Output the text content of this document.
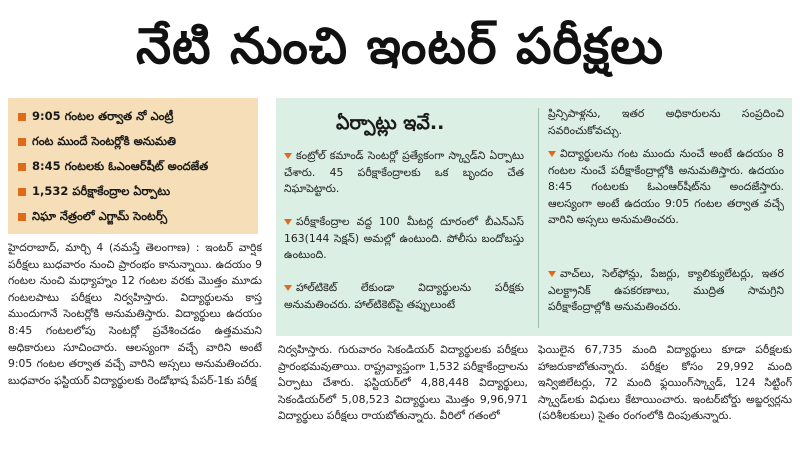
నేటి నుంచి ఇంటర్ పరీక్షలు
9:05 గంటల తర్వాత నో ఎంట్రీ
గంట ముందే సెంటర్లోకి అనుమతి
8:45 గంటలకు ఓఎంఆర్‌షీట్ అందజేత
1,532 పరీక్షాకేంద్రాల ఏర్పాటు
నిఘా నేత్రంలో ఎగ్జామ్ సెంటర్స్

హైదరాబాద్, మార్చి 4 (నమస్తే తెలంగాణ) : ఇంటర్ వార్షిక పరీక్షలు బుధవారం నుంచి ప్రారంభం కానున్నాయి. ఉదయం 9 గంటల నుంచి మధ్యాహ్నం 12 గంటల వరకు మొత్తం మూడు గంటలపాటు పరీక్షలు నిర్వహిస్తారు. విద్యార్థులను కాస్త ముందుగానే సెంటర్లోకి అనుమతిస్తారు. విద్యార్థులు ఉదయం 8:45 గంటలలోపు సెంటర్లో ప్రవేశించడం ఉత్తమమని అధికారులు సూచించారు. ఆలస్యంగా వచ్చే వారిని అంటే 9:05 గంటల తర్వాత వచ్చే వారిని అస్సలు అనుమతించరు. బుధవారం ఫస్టియర్ విద్యార్థులకు రెండోభాష పేపర్-1కు పరీక్ష

ఏర్పాట్లు ఇవే..
కంట్రోల్ కమాండ్ సెంటర్లో ప్రత్యేకంగా స్క్వాడ్‌ని ఏర్పాటు చేశారు. 45 పరీక్షాకేంద్రాలకు ఒక బృందం చేత నిఘాపెట్టారు.
పరీక్షాకేంద్రాల వద్ద 100 మీటర్ల దూరంలో బీఎన్ఎస్ 163(144 సెక్షన్) అమల్లో ఉంటుంది. పోలీసు బందోబస్తు ఉంటుంది.
హాల్‌టికెట్ లేకుండా విద్యార్థులను పరీక్షకు అనుమతించరు. హాల్‌టికెట్‌పై తప్పులుంటే
ప్రిన్సిపాళ్లను, ఇతర అధికారులను సంప్రదించి సవరించుకోవచ్చు.
విద్యార్థులను గంట ముందు నుంచే అంటే ఉదయం 8 గంటల నుంచే పరీక్షాకేంద్రాల్లోకి అనుమతిస్తారు. ఉదయం 8:45 గంటలకు ఓఎంఆర్‌షీట్‌ను అందజేస్తారు. ఆలస్యంగా అంటే ఉదయం 9:05 గంటల తర్వాత వచ్చే వారిని అస్సలు అనుమతించరు.
వాచ్‌లు, సెల్‌ఫోన్లు, పేజర్లు, క్యాలిక్యులేటర్లు, ఇతర ఎలక్ట్రానిక్ ఉపకరణాలు, ముద్రిత సామగ్రిని పరీక్షాకేంద్రాల్లోకి అనుమతించరు.

నిర్వహిస్తారు. గురువారం సెకండియర్ విద్యార్థులకు పరీక్షలు ప్రారంభమవుతాయి. రాష్ట్రవ్యాప్తంగా 1,532 పరీక్షాకేంద్రాలను ఏర్పాటు చేశారు. ఫస్టియర్‌లో 4,88,448 విద్యార్థులు, సెకండియర్‌లో 5,08,523 విద్యార్థులు మొత్తం 9,96,971 విద్యార్థులు పరీక్షలు రాయబోతున్నారు. వీరిలో గతంలో

ఫెయిలైన 67,735 మంది విద్యార్థులు కూడా పరీక్షలకు హాజరుకాబోతున్నారు. పరీక్షల కోసం 29,992 మంది ఇన్విజిలేటర్లు, 72 మంది ఫ్లయింగ్‌స్క్వాడ్, 124 సిట్టింగ్ స్క్వాడ్‌లకు విధులు కేటాయించారు. ఇంటర్‌బోర్డు అబ్జర్వర్లను (పరిశీలకులు) సైతం రంగంలోకి దింపుతున్నారు.
